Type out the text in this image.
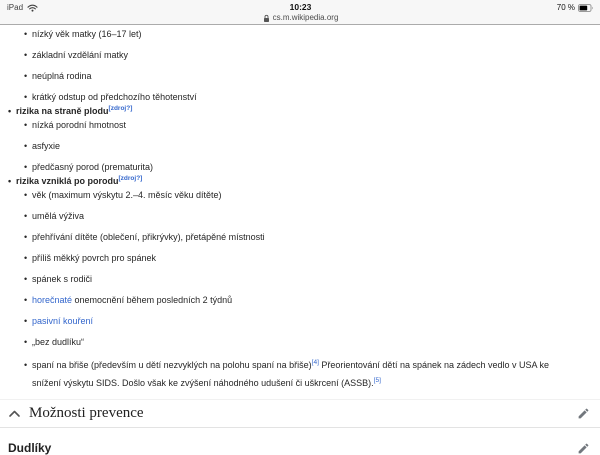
iPad	10:23
cs.m.wikipedia.org
70 %
• nízký věk matky (16–17 let)
• základní vzdělání matky
• neúplná rodina
• krátký odstup od předchozího těhotenství
• rizika na straně plodu[zdroj?]
• nízká porodní hmotnost
• asfyxie
• předčasný porod (prematurita)
• rizika vzniklá po porodu[zdroj?]
• věk (maximum výskytu 2.–4. měsíc věku dítěte)
• umělá výživa
• přehřívání dítěte (oblečení, přikrývky), přetápěné místnosti
• příliš měkký povrch pro spánek
• spánek s rodiči
• horečnaté onemocnění během posledních 2 týdnů
• pasivní kouření
• „bez dudlíku“
• spaní na břiše (především u dětí nezvyklých na polohu spaní na břiše)[4] Přeorientování dětí na spánek na zádech vedlo v USA ke snížení výskytu SIDS. Došlo však ke zvýšení náhodného udušení či uškrcení (ASSB).[5]
Možnosti prevence
Dudlíky
